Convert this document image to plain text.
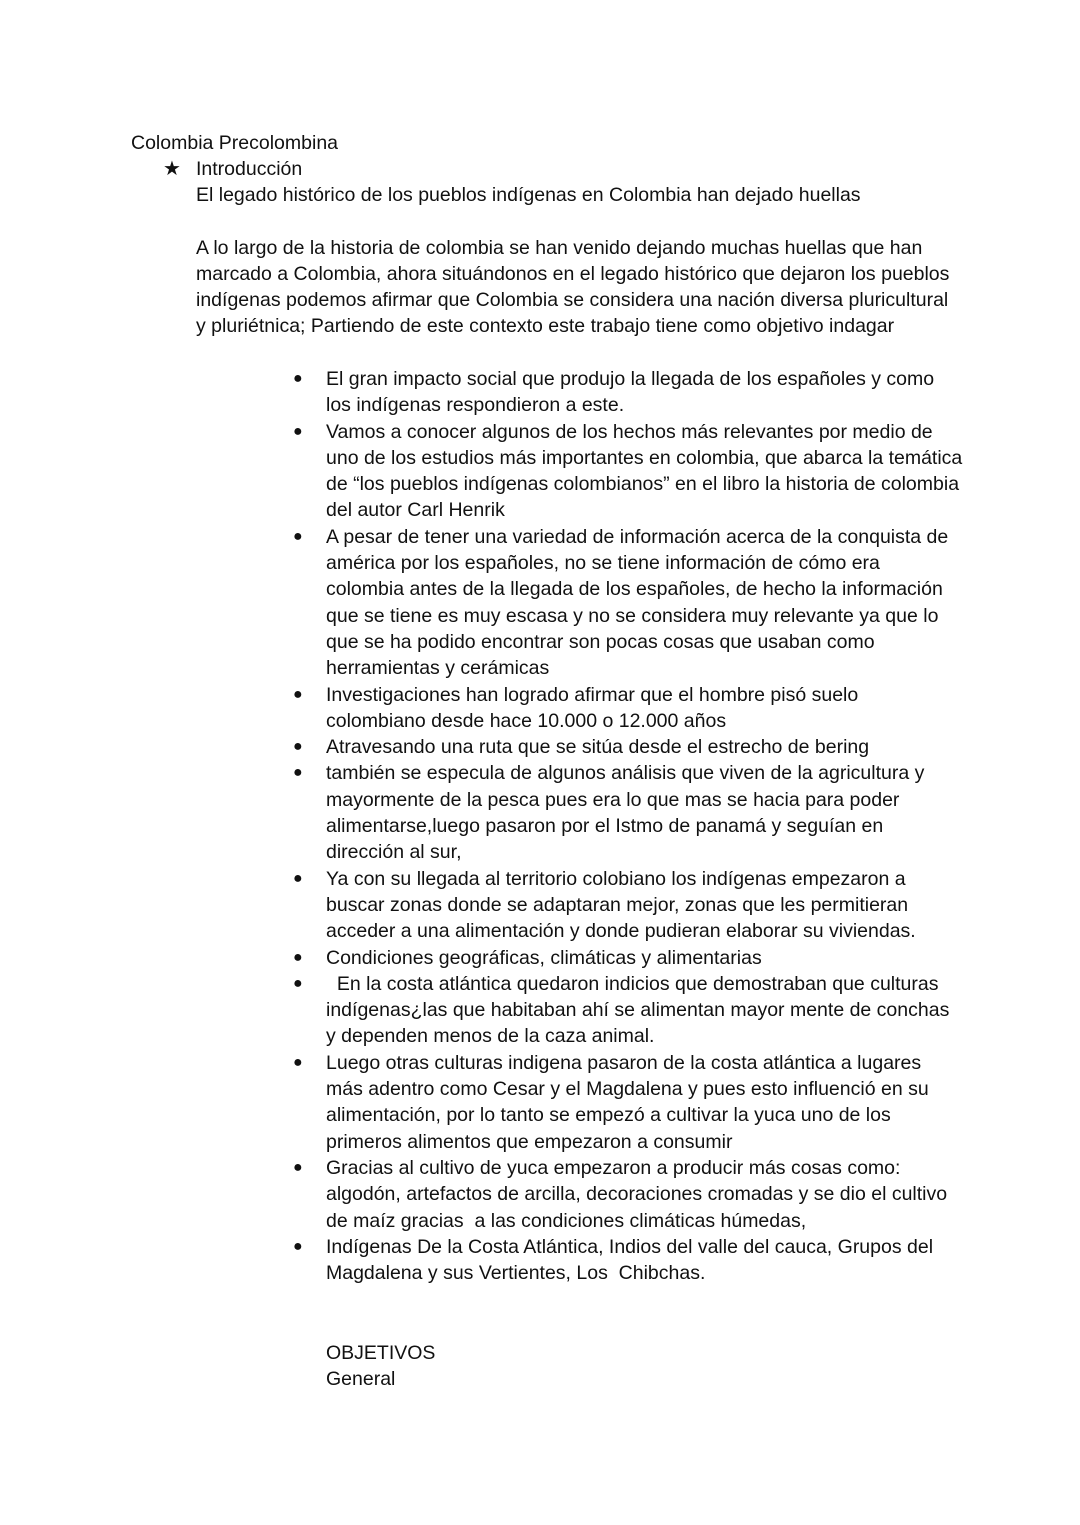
Colombia Precolombina
★ Introducción

El legado histórico de los pueblos indígenas en Colombia han dejado huellas

A lo largo de la historia de colombia se han venido dejando muchas huellas que han marcado a Colombia, ahora situándonos en el legado histórico que dejaron los pueblos indígenas podemos afirmar que Colombia se considera una nación diversa pluricultural y pluriétnica; Partiendo de este contexto este trabajo tiene como objetivo indagar

● El gran impacto social que produjo la llegada de los españoles y como los indígenas respondieron a este.
● Vamos a conocer algunos de los hechos más relevantes por medio de uno de los estudios más importantes en colombia, que abarca la temática de “los pueblos indígenas colombianos” en el libro la historia de colombia del autor Carl Henrik
● A pesar de tener una variedad de información acerca de la conquista de américa por los españoles, no se tiene información de cómo era colombia antes de la llegada de los españoles, de hecho la información que se tiene es muy escasa y no se considera muy relevante ya que lo que se ha podido encontrar son pocas cosas que usaban como herramientas y cerámicas
● Investigaciones han logrado afirmar que el hombre pisó suelo colombiano desde hace 10.000 o 12.000 años
● Atravesando una ruta que se sitúa desde el estrecho de bering
● también se especula de algunos análisis que viven de la agricultura y mayormente de la pesca pues era lo que mas se hacia para poder alimentarse,luego pasaron por el Istmo de panamá y seguían en dirección al sur,
● Ya con su llegada al territorio colobiano los indígenas empezaron a buscar zonas donde se adaptaran mejor, zonas que les permitieran acceder a una alimentación y donde pudieran elaborar su viviendas.
● Condiciones geográficas, climáticas y alimentarias
● En la costa atlántica quedaron indicios que demostraban que culturas indígenas¿las que habitaban ahí se alimentan mayor mente de conchas y dependen menos de la caza animal.
● Luego otras culturas indigena pasaron de la costa atlántica a lugares más adentro como Cesar y el Magdalena y pues esto influenció en su alimentación, por lo tanto se empezó a cultivar la yuca uno de los primeros alimentos que empezaron a consumir
● Gracias al cultivo de yuca empezaron a producir más cosas como: algodón, artefactos de arcilla, decoraciones cromadas y se dio el cultivo de maíz gracias  a las condiciones climáticas húmedas,
● Indígenas De la Costa Atlántica, Indios del valle del cauca, Grupos del Magdalena y sus Vertientes, Los  Chibchas.

OBJETIVOS

General
